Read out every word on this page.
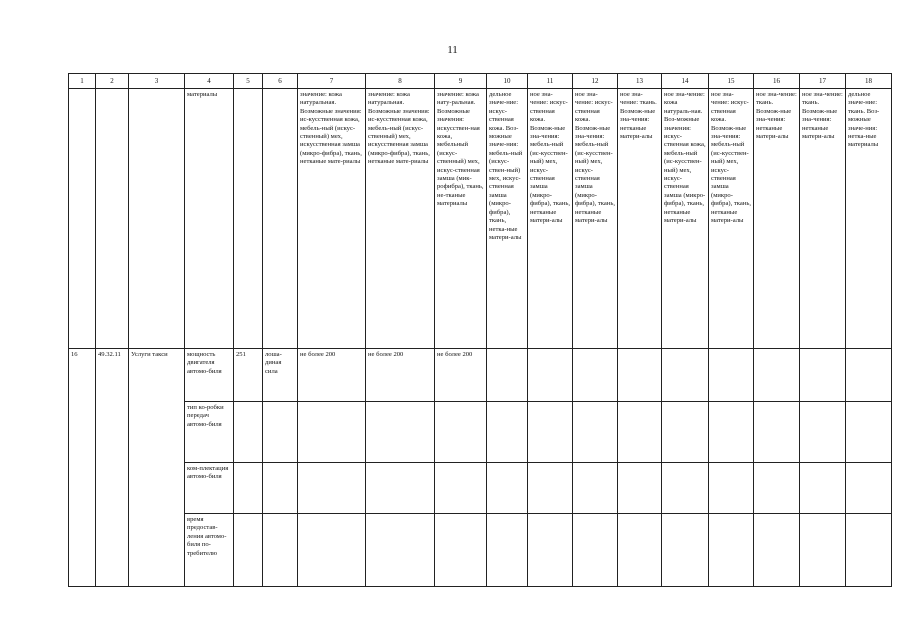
11
1	2	3	4	5	6	7	8	9	10	11	12	13	14	15	16	17	18
			материалы			значение: кожа натуральная. Возможные значения: ис-кусственная кожа, мебель-ный (искус-ственный) мех, искусственная замша (микро-фибра), ткань, нетканые мате-риалы	значение: кожа натуральная. Возможные значения: ис-кусственная кожа, мебель-ный (искус-ственный) мех, искусственная замша (микро-фибра), ткань, нетканые мате-риалы	значение: кожа нату-ральная. Возможные значения: искусствен-ная кожа, мебельный (искус-ственный) мех, искус-ственная замша (мик-рофибра), ткань, не-тканые материалы	дельное значе-ние: искус-ственная кожа. Воз-можные значе-ния: мебель-ный (искус-ствен-ный) мех, искус-ственная замша (микро-фибра), ткань, нетка-ные матери-алы	ное зна-чение: искус-ственная кожа. Возмож-ные зна-чения: мебель-ный (ис-кусствен-ный) мех, искус-ственная замша (микро-фибра), ткань, нетканые матери-алы	ное зна-чение: искус-ственная кожа. Возмож-ные зна-чения: мебель-ный (ис-кусствен-ный) мех, искус-ственная замша (микро-фибра), ткань, нетканые матери-алы	ное зна-чение: ткань. Возмож-ные зна-чения: нетканые матери-алы	ное зна-чение: кожа натураль-ная. Воз-можные значения: искус-ственная кожа, мебель-ный (ис-кусствен-ный) мех, искус-ственная замша (микро-фибра), ткань, нетканые матери-алы	ное зна-чение: искус-ственная кожа. Возмож-ные зна-чения: мебель-ный (ис-кусствен-ный) мех, искус-ственная замша (микро-фибра), ткань, нетканые матери-алы	ное зна-чение: ткань. Возмож-ные зна-чения: нетканые матери-алы	ное зна-чение: ткань. Возмож-ные зна-чения: нетканые матери-алы	дельное значе-ние: ткань. Воз-можные значе-ния: нетка-ные материалы
16	49.32.11	Услуги такси	мощность двигателя автомо-биля	251	лоша-диная сила	не более 200	не более 200	не более 200									
			тип ко-робки передач автомо-биля														
			ком-плектация автомо-биля														
			время предостав-ления автомо-биля по-требителю														
